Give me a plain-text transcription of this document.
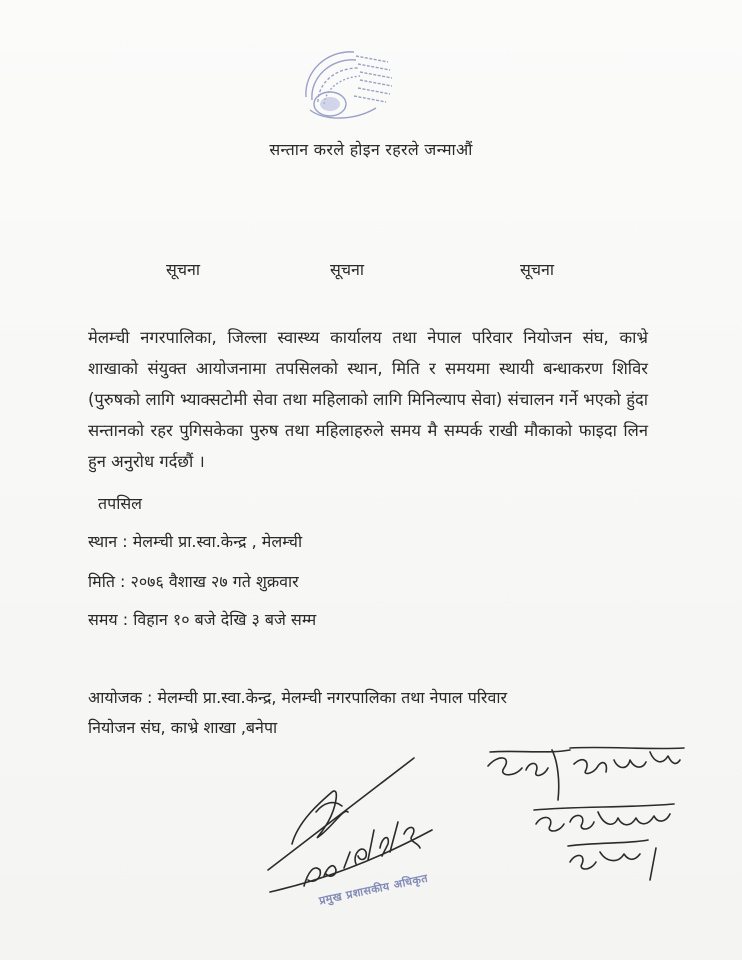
सन्तान करले होइन रहरले जन्माऔं
सूचना	सूचना	सूचना
मेलम्ची नगरपालिका, जिल्ला स्वास्थ्य कार्यालय तथा नेपाल परिवार नियोजन संघ, काभ्रे शाखाको संयुक्त आयोजनामा तपसिलको स्थान, मिति र समयमा स्थायी बन्धाकरण शिविर (पुरुषको लागि भ्याक्सटोमी सेवा तथा महिलाको लागि मिनिल्याप सेवा) संचालन गर्ने भएको हुंदा सन्तानको रहर पुगिसकेका पुरुष तथा महिलाहरुले समय मै सम्पर्क राखी मौकाको फाइदा लिन हुन अनुरोध गर्दछौं ।
तपसिल
स्थान : मेलम्ची प्रा.स्वा.केन्द्र , मेलम्ची
मिति : २०७६ वैशाख २७ गते शुक्रवार
समय : विहान १० बजे देखि ३ बजे सम्म
आयोजक : मेलम्ची प्रा.स्वा.केन्द्र, मेलम्ची नगरपालिका तथा नेपाल परिवार
नियोजन संघ, काभ्रे शाखा ,बनेपा
प्रमुख प्रशासकीय अधिकृत
